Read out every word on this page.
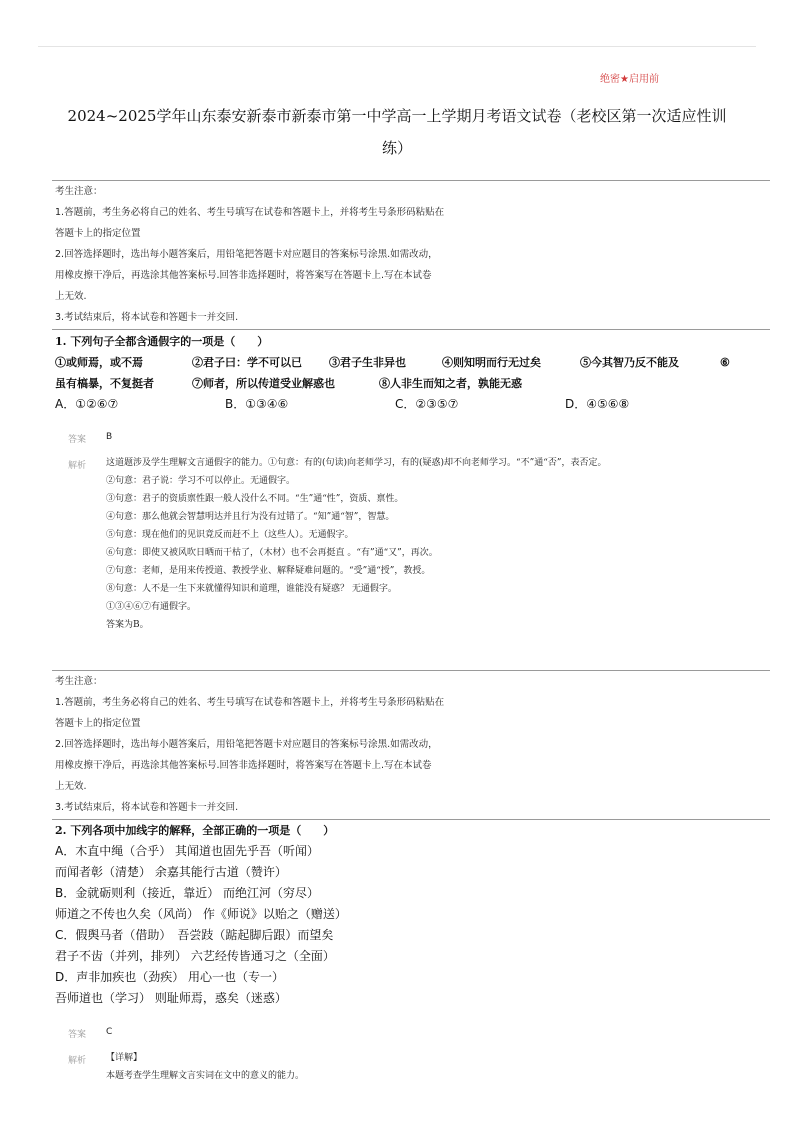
绝密★启用前
2024~2025学年山东泰安新泰市新泰市第一中学高一上学期月考语文试卷（老校区第一次适应性训
练）
考生注意：
1.答题前，考生务必将自己的姓名、考生号填写在试卷和答题卡上，并将考生号条形码粘贴在
答题卡上的指定位置
2.回答选择题时，选出每小题答案后，用铅笔把答题卡对应题目的答案标号涂黑.如需改动，
用橡皮擦干净后，再选涂其他答案标号.回答非选择题时，将答案写在答题卡上.写在本试卷
上无效.
3.考试结束后，将本试卷和答题卡一并交回.
1. 下列句子全都含通假字的一项是（　　）
①或师焉，或不焉	②君子曰：学不可以已 ③君子生非异也	④则知明而行无过矣	⑤今其智乃反不能及	⑥
虽有槁暴，不复挺者	⑦师者，所以传道受业解惑也	⑧人非生而知之者，孰能无惑
A．①②⑥⑦	B．①③④⑥	C．②③⑤⑦	D．④⑤⑥⑧
答案 B
解析 这道题涉及学生理解文言通假字的能力。①句意：有的(句读)向老师学习，有的(疑惑)却不向老师学习。“不”通“否”，表否定。
②句意：君子说：学习不可以停止。无通假字。
③句意：君子的资质禀性跟一般人没什么不同。“生”通“性”，资质、禀性。
④句意：那么他就会智慧明达并且行为没有过错了。“知”通“智”，智慧。
⑤句意：现在他们的见识竟反而赶不上（这些人）。无通假字。
⑥句意：即使又被风吹日晒而干枯了，（木材）也不会再挺直 。“有”通“又”，再次。
⑦句意：老师，是用来传授道、教授学业、解释疑难问题的。“受”通“授”，教授。
⑧句意：人不是一生下来就懂得知识和道理，谁能没有疑惑？ 无通假字。
①③④⑥⑦有通假字。
答案为B。
考生注意：
1.答题前，考生务必将自己的姓名、考生号填写在试卷和答题卡上，并将考生号条形码粘贴在
答题卡上的指定位置
2.回答选择题时，选出每小题答案后，用铅笔把答题卡对应题目的答案标号涂黑.如需改动，
用橡皮擦干净后，再选涂其他答案标号.回答非选择题时，将答案写在答题卡上.写在本试卷
上无效.
3.考试结束后，将本试卷和答题卡一并交回.
2. 下列各项中加线字的解释，全部正确的一项是（　　）
A．木直中绳（合乎） 其闻道也固先乎吾（听闻）
而闻者彰（清楚） 余嘉其能行古道（赞许）
B．金就砺则利（接近，靠近） 而绝江河（穷尽）
师道之不传也久矣（风尚） 作《师说》以贻之（赠送）
C．假舆马者（借助）　吾尝跂（踮起脚后跟）而望矣
君子不齿（并列，排列） 六艺经传皆通习之（全面）
D．声非加疾也（劲疾） 用心一也（专一）
吾师道也（学习） 则耻师焉，惑矣（迷惑）
答案 C
解析 【详解】
本题考查学生理解文言实词在文中的意义的能力。
